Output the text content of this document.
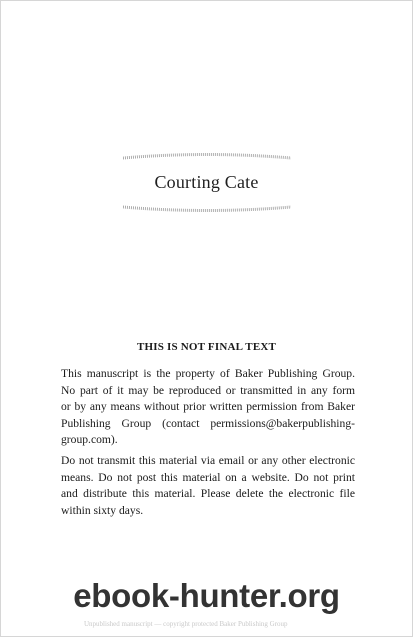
Courting Cate
THIS IS NOT FINAL TEXT
This manuscript is the property of Baker Publishing Group.
No part of it may be reproduced or transmitted in any form
or by any means without prior written permission from Baker
Publishing Group (contact permissions@bakerpublishing-
group.com).
Do not transmit this material via email or any other electronic
means. Do not post this material on a website. Do not print
and distribute this material. Please delete the electronic file
within sixty days.
Unpublished manuscript — copyright protected Baker Publishing Group
ebook-hunter.org
